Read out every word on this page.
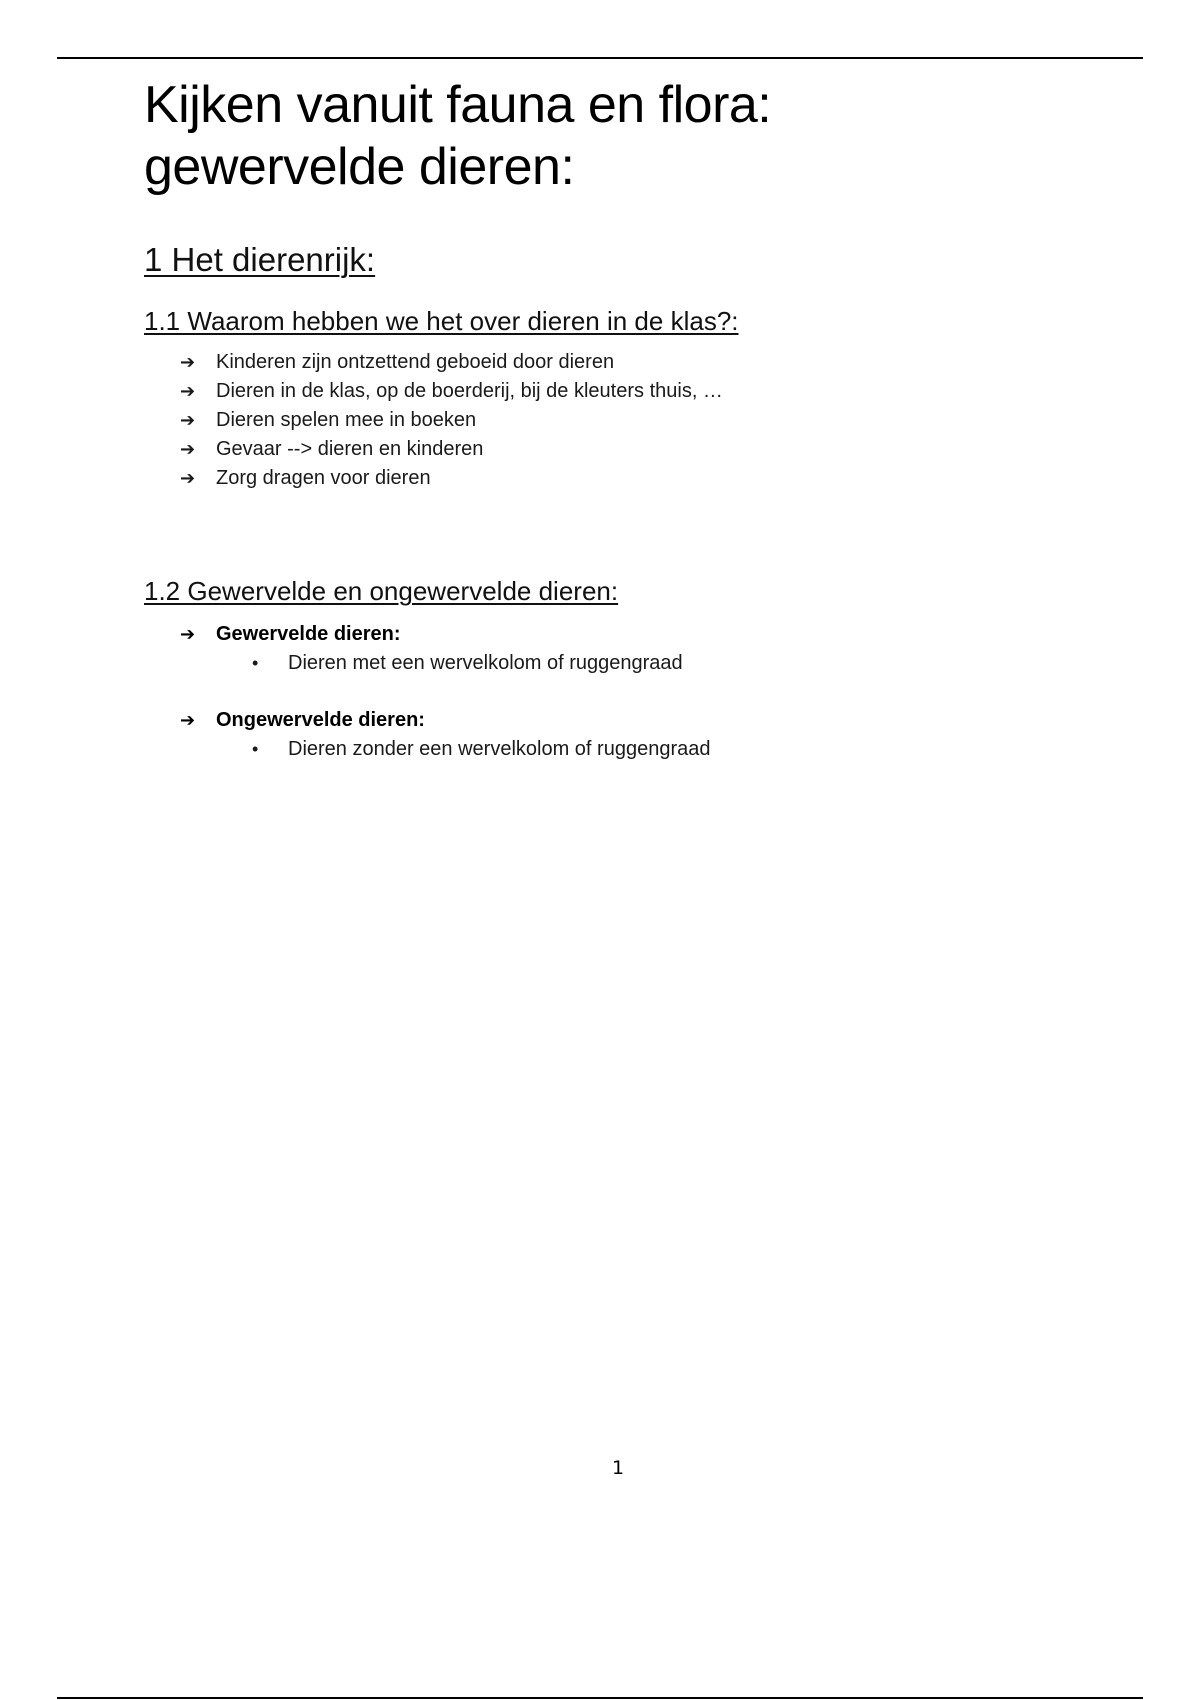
Kijken vanuit fauna en flora:
gewervelde dieren:
1 Het dierenrijk:
1.1 Waarom hebben we het over dieren in de klas?:
➔	Kinderen zijn ontzettend geboeid door dieren
➔	Dieren in de klas, op de boerderij, bij de kleuters thuis, …
➔	Dieren spelen mee in boeken
➔	Gevaar --> dieren en kinderen
➔	Zorg dragen voor dieren
1.2 Gewervelde en ongewervelde dieren:
➔	Gewervelde dieren:
•	Dieren met een wervelkolom of ruggengraad
➔	Ongewervelde dieren:
•	Dieren zonder een wervelkolom of ruggengraad
1
